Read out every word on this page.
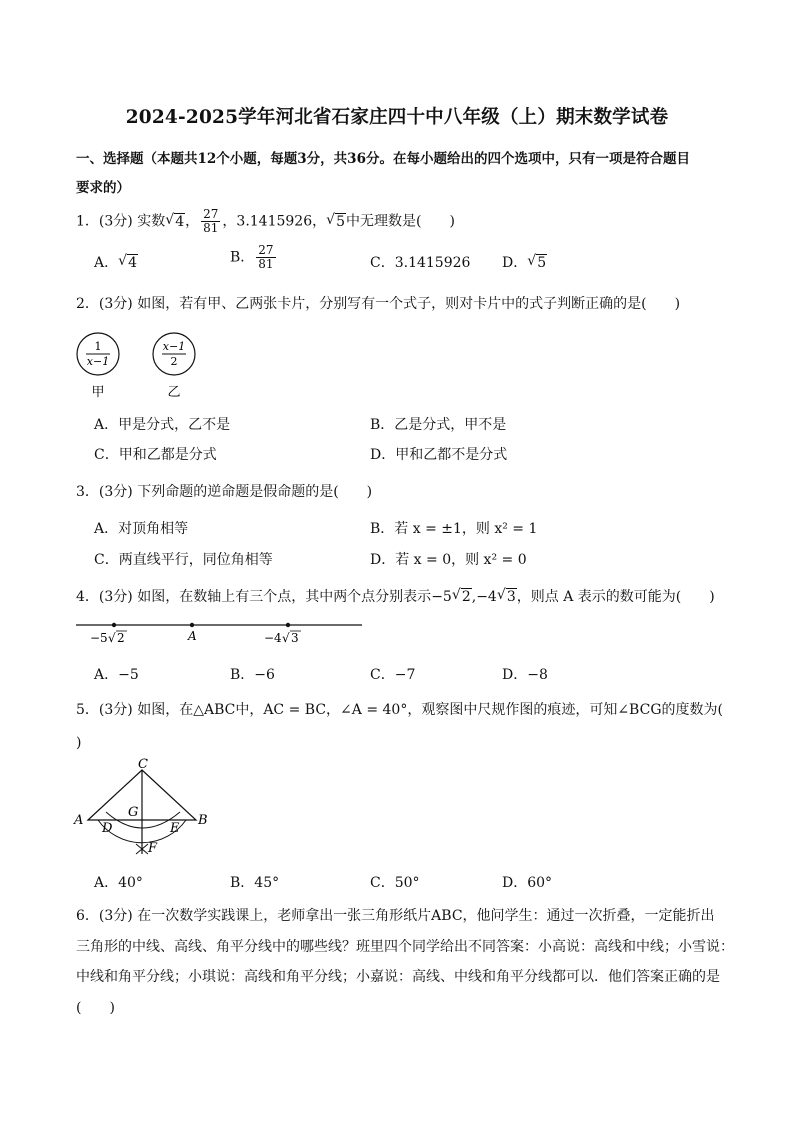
2024-2025学年河北省石家庄四十中八年级（上）期末数学试卷
一、选择题（本题共12个小题，每题3分，共36分。在每小题给出的四个选项中，只有一项是符合题目
要求的）
1．(3分) 实数 √ 4， $\frac{27}{81}$ ，3.1415926， √ 5中无理数是(　　)
A． √ 4	B． $\frac{27}{81}$	C．3.1415926 D． √ 5
2．(3分) 如图，若有甲、乙两张卡片，分别写有一个式子，则对卡片中的式子判断正确的是(　　)
1
x−1
甲
x−1
2
乙
A．甲是分式，乙不是	B．乙是分式，甲不是
C．甲和乙都是分式	D．甲和乙都不是分式
3．(3分) 下列命题的逆命题是假命题的是(　　)
A．对顶角相等	B．若 x = ±1，则 x² = 1
C．两直线平行，同位角相等	D．若 x = 0，则 x² = 0
4．(3分) 如图，在数轴上有三个点，其中两个点分别表示−5 √ 2,−4 √ 3，则点 A 表示的数可能为(　　)
−5 √ 2	A	−4 √ 3
A．−5	B．−6	C．−7	D．−8
5．(3分) 如图，在△ABC中，AC = BC，∠A = 40°，观察图中尺规作图的痕迹，可知∠BCG的度数为(
)
C
A	B
G
D	E
F
A．40°	B．45°	C．50°	D．60°
6．(3分) 在一次数学实践课上，老师拿出一张三角形纸片ABC，他问学生：通过一次折叠，一定能折出
三角形的中线、高线、角平分线中的哪些线？班里四个同学给出不同答案：小高说：高线和中线；小雪说：
中线和角平分线；小琪说：高线和角平分线；小嘉说：高线、中线和角平分线都可以．他们答案正确的是
(　　)
